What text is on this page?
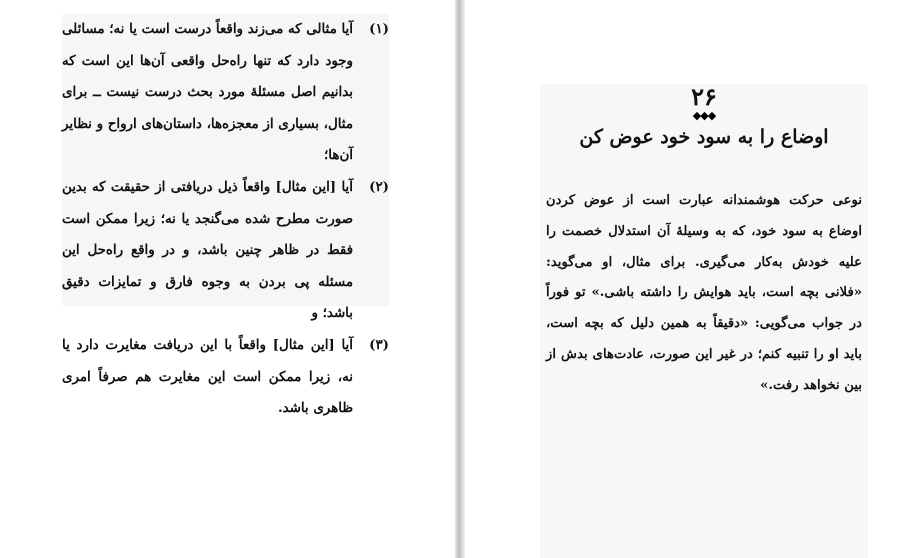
(۱)
آیا مثالی که می‌زند واقعاً درست است یا نه؛ مسائلی وجود دارد که تنها راه‌حل واقعی آن‌ها این است که بدانیم اصل مسئلهٔ مورد بحث درست نیست ــ برای مثال، بسیاری از معجزه‌ها، داستان‌های ارواح و نظایر آن‌ها؛
(۲)
آیا [این مثال] واقعاً ذیل دریافتی از حقیقت که بدین صورت مطرح شده می‌گنجد یا نه؛ زیرا ممکن است فقط در ظاهر چنین باشد، و در واقع راه‌حل این مسئله پی بردن به وجوه فارق و تمایزات دقیق باشد؛ و
(۳)
آیا [این مثال] واقعاً با این دریافت مغایرت دارد یا نه، زیرا ممکن است این مغایرت هم صرفاً امری ظاهری باشد.
۲۶
◆◆◆
اوضاع را به سود خود عوض کن
نوعی حرکت هوشمندانه عبارت است از عوض کردن اوضاع به سود خود، که به وسیلهٔ آن استدلال خصمت را علیه خودش به‌کار می‌گیری. برای مثال، او می‌گوید: «فلانی بچه است، باید هوایش را داشته باشی.» تو فوراً در جواب می‌گویی: «دقیقاً به همین دلیل که بچه است، باید او را تنبیه کنم؛ در غیر این صورت، عادت‌های بدش از بین نخواهد رفت.»
